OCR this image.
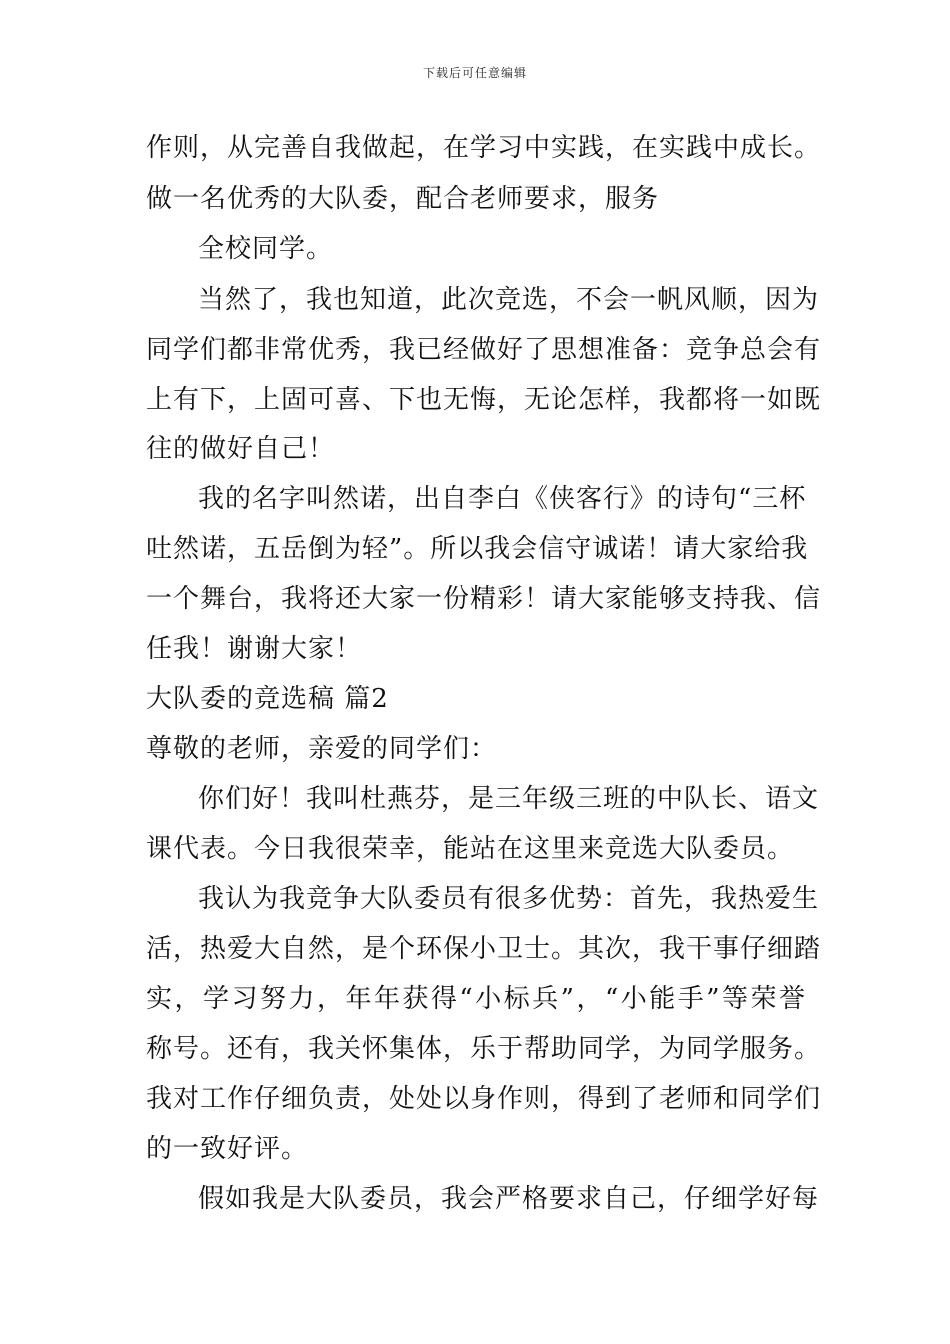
下载后可任意编辑
作则，从完善自我做起，在学习中实践，在实践中成长。
做一名优秀的大队委，配合老师要求，服务
全校同学。
当然了，我也知道，此次竞选，不会一帆风顺，因为
同学们都非常优秀，我已经做好了思想准备：竞争总会有
上有下，上固可喜、下也无悔，无论怎样，我都将一如既
往的做好自己！
我的名字叫然诺，出自李白《侠客行》的诗句“三杯
吐然诺，五岳倒为轻”。所以我会信守诚诺！请大家给我
一个舞台，我将还大家一份精彩！请大家能够支持我、信
任我！谢谢大家！
大队委的竞选稿 篇2
尊敬的老师，亲爱的同学们：
你们好！我叫杜燕芬，是三年级三班的中队长、语文
课代表。今日我很荣幸，能站在这里来竞选大队委员。
我认为我竞争大队委员有很多优势：首先，我热爱生
活，热爱大自然，是个环保小卫士。其次，我干事仔细踏
实，学习努力，年年获得“小标兵”，“小能手”等荣誉
称号。还有，我关怀集体，乐于帮助同学，为同学服务。
我对工作仔细负责，处处以身作则，得到了老师和同学们
的一致好评。
假如我是大队委员，我会严格要求自己，仔细学好每
